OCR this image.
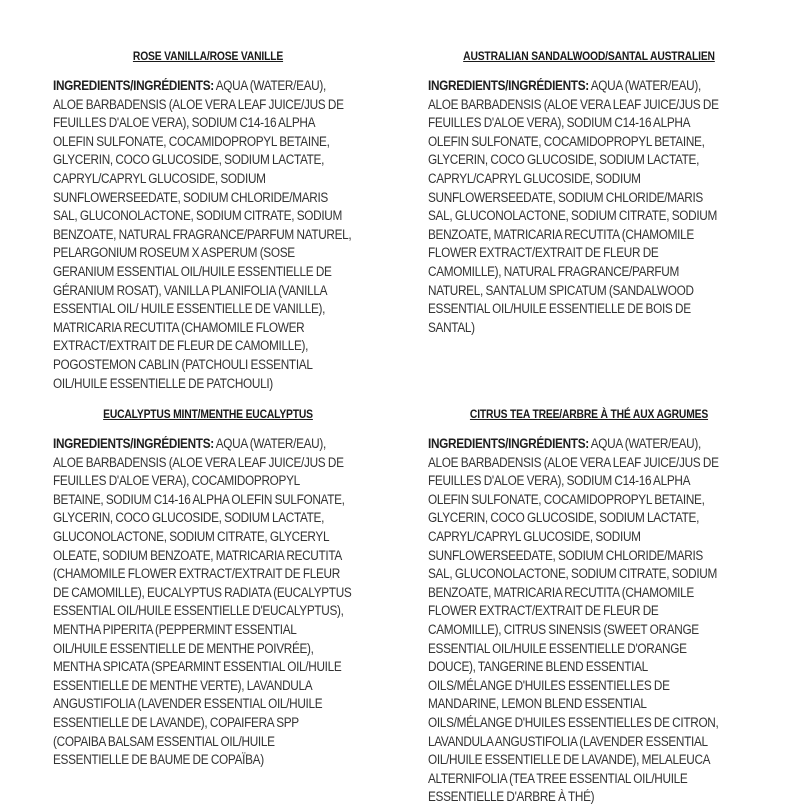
ROSE VANILLA/ROSE VANILLE

INGREDIENTS/INGRÉDIENTS: AQUA (WATER/EAU), ALOE BARBADENSIS (ALOE VERA LEAF JUICE/JUS DE FEUILLES D'ALOE VERA), SODIUM C14-16 ALPHA OLEFIN SULFONATE, COCAMIDOPROPYL BETAINE, GLYCERIN, COCO GLUCOSIDE, SODIUM LACTATE, CAPRYL/CAPRYL GLUCOSIDE, SODIUM SUNFLOWERSEEDATE, SODIUM CHLORIDE/MARIS SAL, GLUCONOLACTONE, SODIUM CITRATE, SODIUM BENZOATE, NATURAL FRAGRANCE/PARFUM NATUREL, PELARGONIUM ROSEUM X ASPERUM (SOSE GERANIUM ESSENTIAL OIL/HUILE ESSENTIELLE DE GÉRANIUM ROSAT), VANILLA PLANIFOLIA (VANILLA ESSENTIAL OIL/ HUILE ESSENTIELLE DE VANILLE), MATRICARIA RECUTITA (CHAMOMILE FLOWER EXTRACT/EXTRAIT DE FLEUR DE CAMOMILLE), POGOSTEMON CABLIN (PATCHOULI ESSENTIAL OIL/HUILE ESSENTIELLE DE PATCHOULI)

AUSTRALIAN SANDALWOOD/SANTAL AUSTRALIEN

INGREDIENTS/INGRÉDIENTS: AQUA (WATER/EAU), ALOE BARBADENSIS (ALOE VERA LEAF JUICE/JUS DE FEUILLES D'ALOE VERA), SODIUM C14-16 ALPHA OLEFIN SULFONATE, COCAMIDOPROPYL BETAINE, GLYCERIN, COCO GLUCOSIDE, SODIUM LACTATE, CAPRYL/CAPRYL GLUCOSIDE, SODIUM SUNFLOWERSEEDATE, SODIUM CHLORIDE/MARIS SAL, GLUCONOLACTONE, SODIUM CITRATE, SODIUM BENZOATE, MATRICARIA RECUTITA (CHAMOMILE FLOWER EXTRACT/EXTRAIT DE FLEUR DE CAMOMILLE), NATURAL FRAGRANCE/PARFUM NATUREL, SANTALUM SPICATUM (SANDALWOOD ESSENTIAL OIL/HUILE ESSENTIELLE DE BOIS DE SANTAL)

EUCALYPTUS MINT/MENTHE EUCALYPTUS

INGREDIENTS/INGRÉDIENTS: AQUA (WATER/EAU), ALOE BARBADENSIS (ALOE VERA LEAF JUICE/JUS DE FEUILLES D'ALOE VERA), COCAMIDOPROPYL BETAINE, SODIUM C14-16 ALPHA OLEFIN SULFONATE, GLYCERIN, COCO GLUCOSIDE, SODIUM LACTATE, GLUCONOLACTONE, SODIUM CITRATE, GLYCERYL OLEATE, SODIUM BENZOATE, MATRICARIA RECUTITA (CHAMOMILE FLOWER EXTRACT/EXTRAIT DE FLEUR DE CAMOMILLE), EUCALYPTUS RADIATA (EUCALYPTUS ESSENTIAL OIL/HUILE ESSENTIELLE D'EUCALYPTUS), MENTHA PIPERITA (PEPPERMINT ESSENTIAL OIL/HUILE ESSENTIELLE DE MENTHE POIVRÉE), MENTHA SPICATA (SPEARMINT ESSENTIAL OIL/HUILE ESSENTIELLE DE MENTHE VERTE), LAVANDULA ANGUSTIFOLIA (LAVENDER ESSENTIAL OIL/HUILE ESSENTIELLE DE LAVANDE), COPAIFERA SPP (COPAIBA BALSAM ESSENTIAL OIL/HUILE ESSENTIELLE DE BAUME DE COPAÏBA)

CITRUS TEA TREE/ARBRE À THÉ AUX AGRUMES

INGREDIENTS/INGRÉDIENTS: AQUA (WATER/EAU), ALOE BARBADENSIS (ALOE VERA LEAF JUICE/JUS DE FEUILLES D'ALOE VERA), SODIUM C14-16 ALPHA OLEFIN SULFONATE, COCAMIDOPROPYL BETAINE, GLYCERIN, COCO GLUCOSIDE, SODIUM LACTATE, CAPRYL/CAPRYL GLUCOSIDE, SODIUM SUNFLOWERSEEDATE, SODIUM CHLORIDE/MARIS SAL, GLUCONOLACTONE, SODIUM CITRATE, SODIUM BENZOATE, MATRICARIA RECUTITA (CHAMOMILE FLOWER EXTRACT/EXTRAIT DE FLEUR DE CAMOMILLE), CITRUS SINENSIS (SWEET ORANGE ESSENTIAL OIL/HUILE ESSENTIELLE D'ORANGE DOUCE), TANGERINE BLEND ESSENTIAL OILS/MÉLANGE D'HUILES ESSENTIELLES DE MANDARINE, LEMON BLEND ESSENTIAL OILS/MÉLANGE D'HUILES ESSENTIELLES DE CITRON, LAVANDULA ANGUSTIFOLIA (LAVENDER ESSENTIAL OIL/HUILE ESSENTIELLE DE LAVANDE), MELALEUCA ALTERNIFOLIA (TEA TREE ESSENTIAL OIL/HUILE ESSENTIELLE D'ARBRE À THÉ)
